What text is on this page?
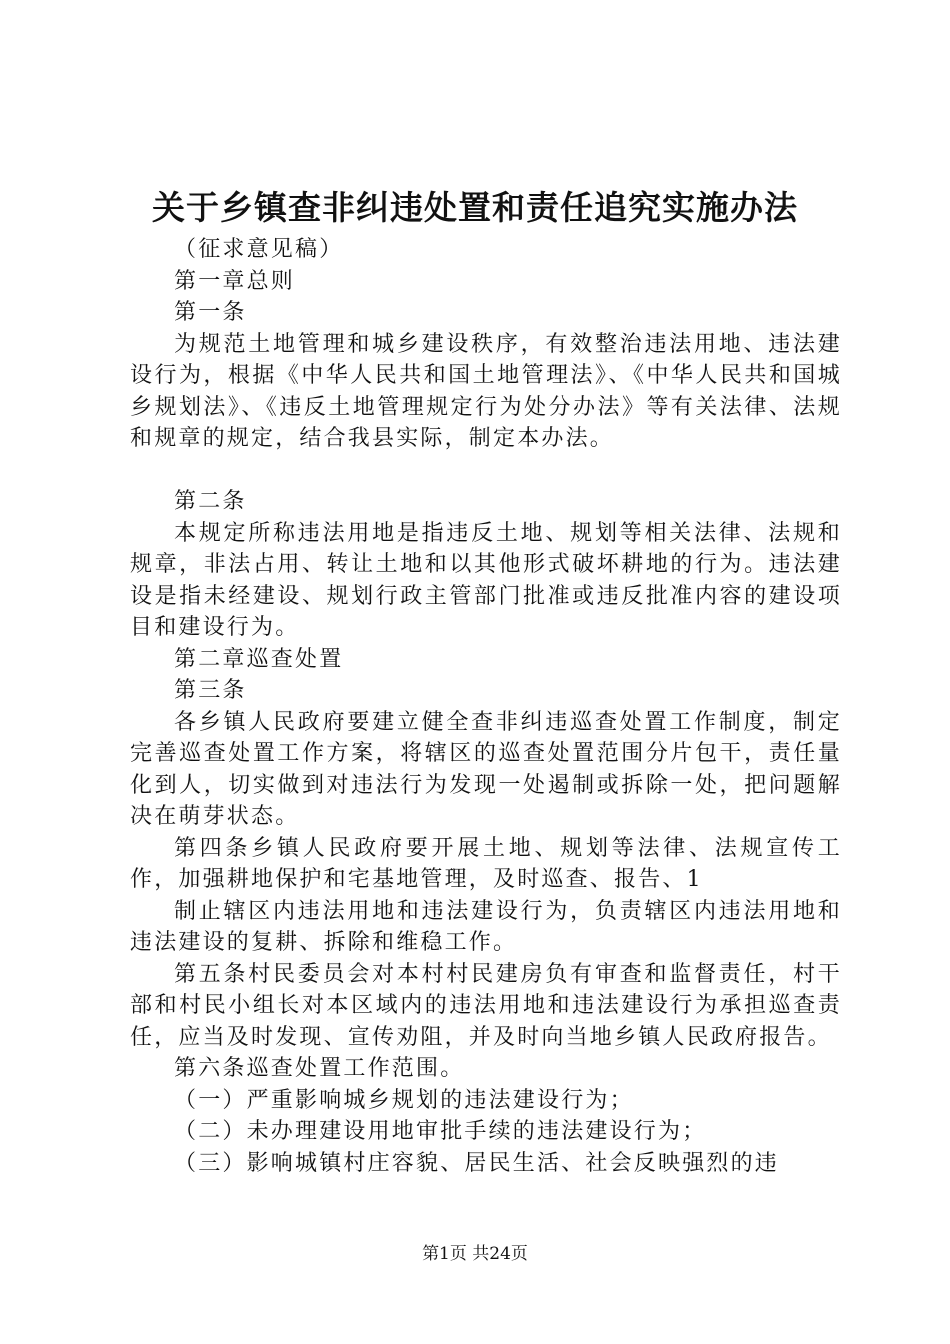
关于乡镇查非纠违处置和责任追究实施办法

（征求意见稿）

第一章总则

第一条

为规范土地管理和城乡建设秩序，有效整治违法用地、违法建设行为，根据《中华人民共和国土地管理法》、《中华人民共和国城乡规划法》、《违反土地管理规定行为处分办法》等有关法律、法规和规章的规定，结合我县实际，制定本办法。

第二条

本规定所称违法用地是指违反土地、规划等相关法律、法规和规章，非法占用、转让土地和以其他形式破坏耕地的行为。违法建设是指未经建设、规划行政主管部门批准或违反批准内容的建设项目和建设行为。

第二章巡查处置

第三条

各乡镇人民政府要建立健全查非纠违巡查处置工作制度，制定完善巡查处置工作方案，将辖区的巡查处置范围分片包干，责任量化到人，切实做到对违法行为发现一处遏制或拆除一处，把问题解决在萌芽状态。

第四条乡镇人民政府要开展土地、规划等法律、法规宣传工作，加强耕地保护和宅基地管理，及时巡查、报告、1

制止辖区内违法用地和违法建设行为，负责辖区内违法用地和违法建设的复耕、拆除和维稳工作。

第五条村民委员会对本村村民建房负有审查和监督责任，村干部和村民小组长对本区域内的违法用地和违法建设行为承担巡查责任，应当及时发现、宣传劝阻，并及时向当地乡镇人民政府报告。

第六条巡查处置工作范围。

（一）严重影响城乡规划的违法建设行为；

（二）未办理建设用地审批手续的违法建设行为；

（三）影响城镇村庄容貌、居民生活、社会反映强烈的违

第1页 共24页
